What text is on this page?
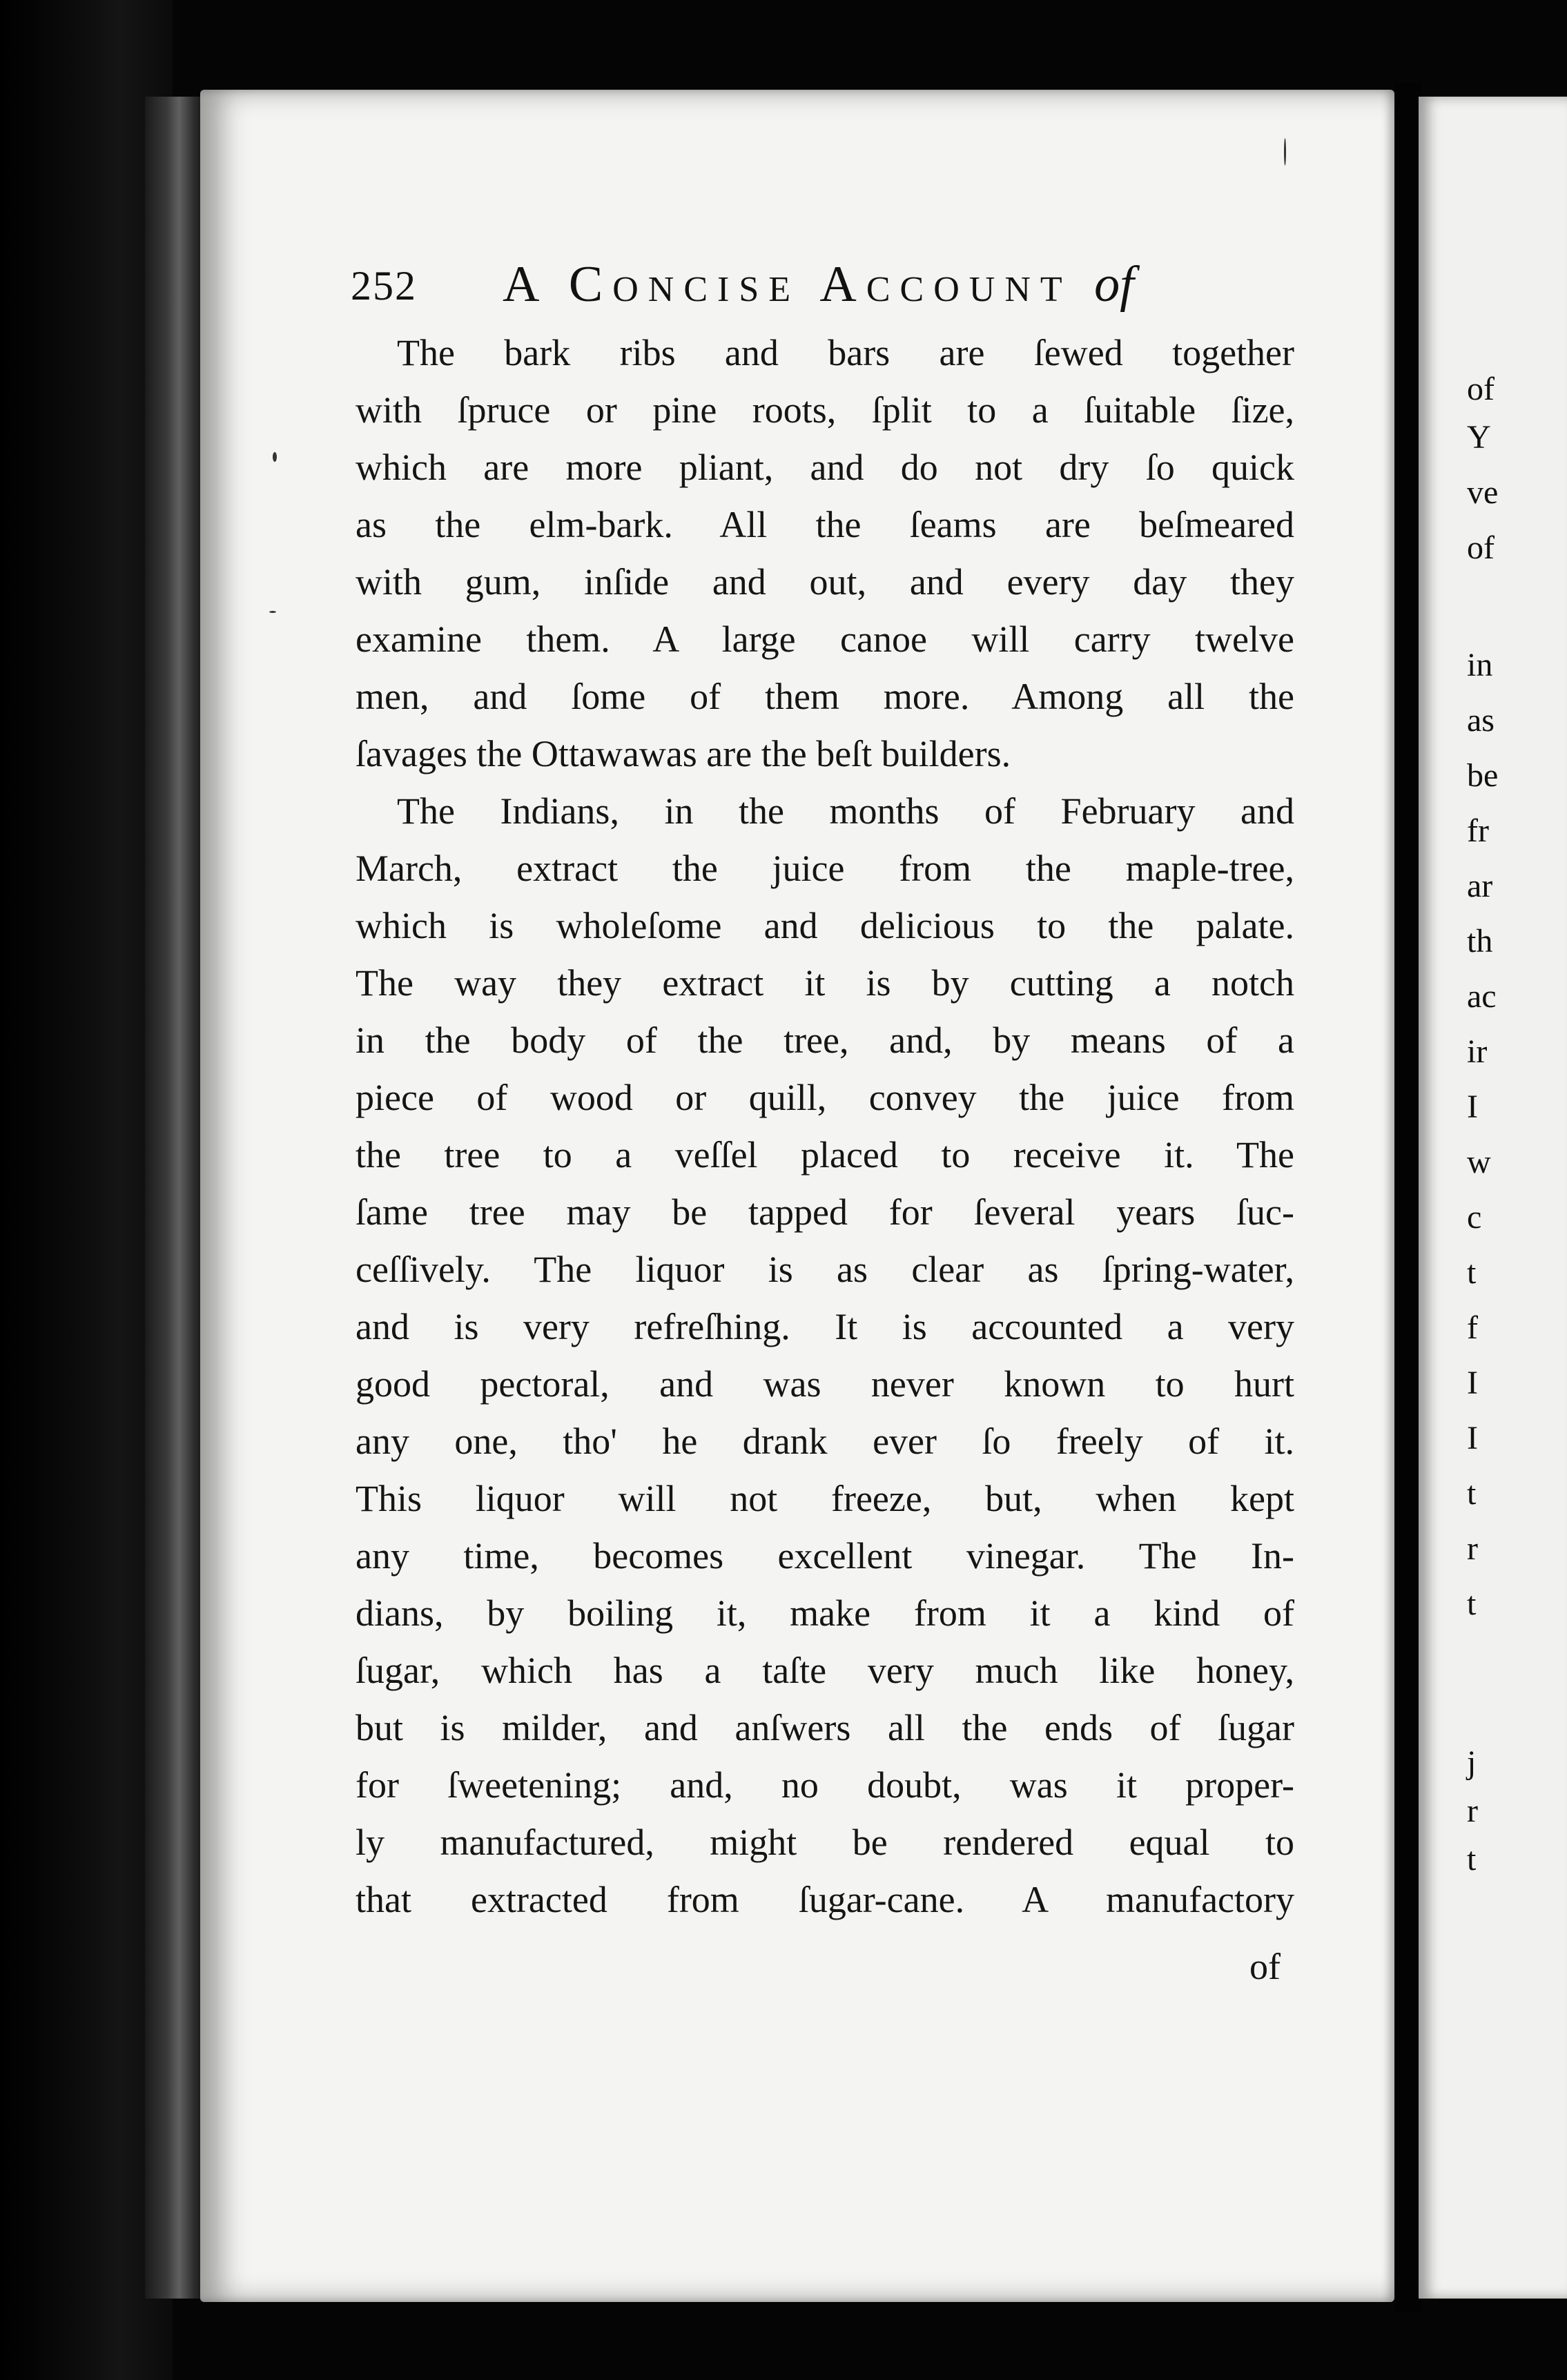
252 A Concise Account of
The bark ribs and bars are ſewed together
with ſpruce or pine roots, ſplit to a ſuitable ſize,
which are more pliant, and do not dry ſo quick
as the elm-bark. All the ſeams are beſmeared
with gum, inſide and out, and every day they
examine them. A large canoe will carry twelve
men, and ſome of them more. Among all the
ſavages the Ottawawas are the beſt builders.
The Indians, in the months of February and
March, extract the juice from the maple-tree,
which is wholeſome and delicious to the palate.
The way they extract it is by cutting a notch
in the body of the tree, and, by means of a
piece of wood or quill, convey the juice from
the tree to a veſſel placed to receive it. The
ſame tree may be tapped for ſeveral years ſuc-
ceſſively. The liquor is as clear as ſpring-water,
and is very refreſhing. It is accounted a very
good pectoral, and was never known to hurt
any one, tho' he drank ever ſo freely of it.
This liquor will not freeze, but, when kept
any time, becomes excellent vinegar. The In-
dians, by boiling it, make from it a kind of
ſugar, which has a taſte very much like honey,
but is milder, and anſwers all the ends of ſugar
for ſweetening; and, no doubt, was it proper-
ly manufactured, might be rendered equal to
that extracted from ſugar-cane. A manufactory
of
of
Y
ve
of
in
as
be
fr
ar
th
ac
ir
I
w
c
t
f
I
I
t
r
t
j
r
t
